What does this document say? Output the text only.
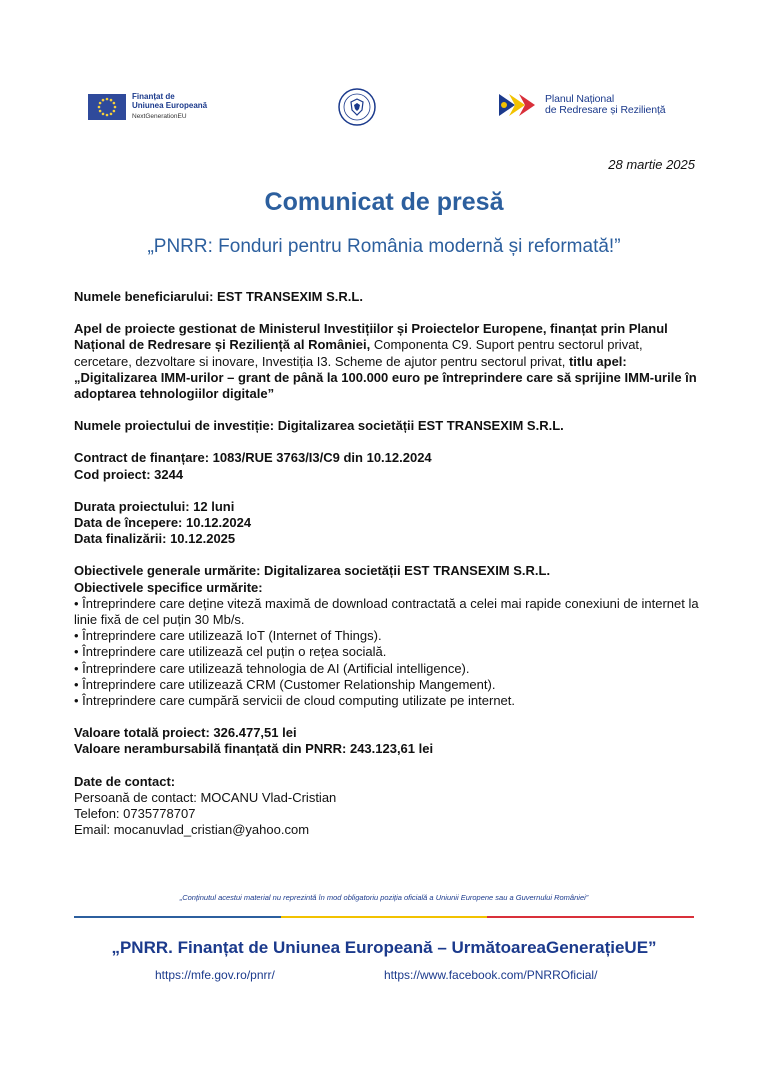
Finanțat de
Uniunea Europeană
NextGenerationEU
Planul Național
de Redresare și Reziliență
28 martie 2025
Comunicat de presă
„PNRR: Fonduri pentru România modernă și reformată!”

Numele beneficiarului: EST TRANSEXIM S.R.L.

Apel de proiecte gestionat de Ministerul Investițiilor și Proiectelor Europene, finanțat prin Planul Național de Redresare și Reziliență al României, Componenta C9. Suport pentru sectorul privat, cercetare, dezvoltare si inovare, Investiția I3. Scheme de ajutor pentru sectorul privat, titlu apel: „Digitalizarea IMM-urilor – grant de până la 100.000 euro pe întreprindere care să sprijine IMM-urile în adoptarea tehnologiilor digitale”

Numele proiectului de investiție: Digitalizarea societății EST TRANSEXIM S.R.L.

Contract de finanțare: 1083/RUE 3763/I3/C9 din 10.12.2024

Cod proiect: 3244

Durata proiectului: 12 luni

Data de începere: 10.12.2024

Data finalizării: 10.12.2025

Obiectivele generale urmărite: Digitalizarea societății EST TRANSEXIM S.R.L.

Obiectivele specifice urmărite:

• Întreprindere care deține viteză maximă de download contractată a celei mai rapide conexiuni de internet la linie fixă de cel puțin 30 Mb/s.

• Întreprindere care utilizează IoT (Internet of Things).

• Întreprindere care utilizează cel puțin o rețea socială.

• Întreprindere care utilizează tehnologia de AI (Artificial intelligence).

• Întreprindere care utilizează CRM (Customer Relationship Mangement).

• Întreprindere care cumpără servicii de cloud computing utilizate pe internet.

Valoare totală proiect: 326.477,51 lei

Valoare nerambursabilă finanțată din PNRR: 243.123,61 lei

Date de contact:

Persoană de contact: MOCANU Vlad-Cristian

Telefon: 0735778707

Email: mocanuvlad_cristian@yahoo.com

„Conținutul acestui material nu reprezintă în mod obligatoriu poziția oficială a Uniunii Europene sau a Guvernului României”
„PNRR. Finanțat de Uniunea Europeană – UrmătoareaGenerațieUE”
https://mfe.gov.ro/pnrr/	https://www.facebook.com/PNRROficial/
